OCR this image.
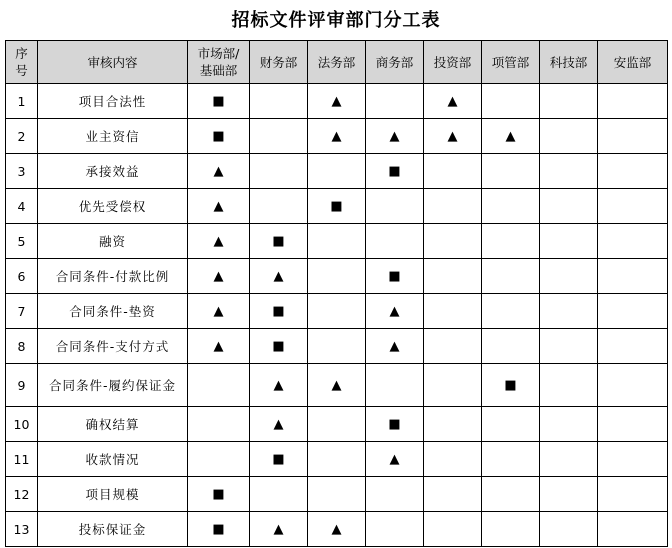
招标文件评审部门分工表
序号	审核内容	市场部/基础部	财务部	法务部	商务部	投资部	项管部	科技部	安监部
1	项目合法性	■		▲		▲			
2	业主资信	■		▲	▲	▲	▲		
3	承接效益	▲			■				
4	优先受偿权	▲		■					
5	融资	▲	■						
6	合同条件-付款比例	▲	▲		■				
7	合同条件-垫资	▲	■		▲				
8	合同条件-支付方式	▲	■		▲				
9	合同条件-履约保证金		▲	▲			■		
10	确权结算		▲		■				
11	收款情况		■		▲				
12	项目规模	■							
13	投标保证金	■	▲	▲					
